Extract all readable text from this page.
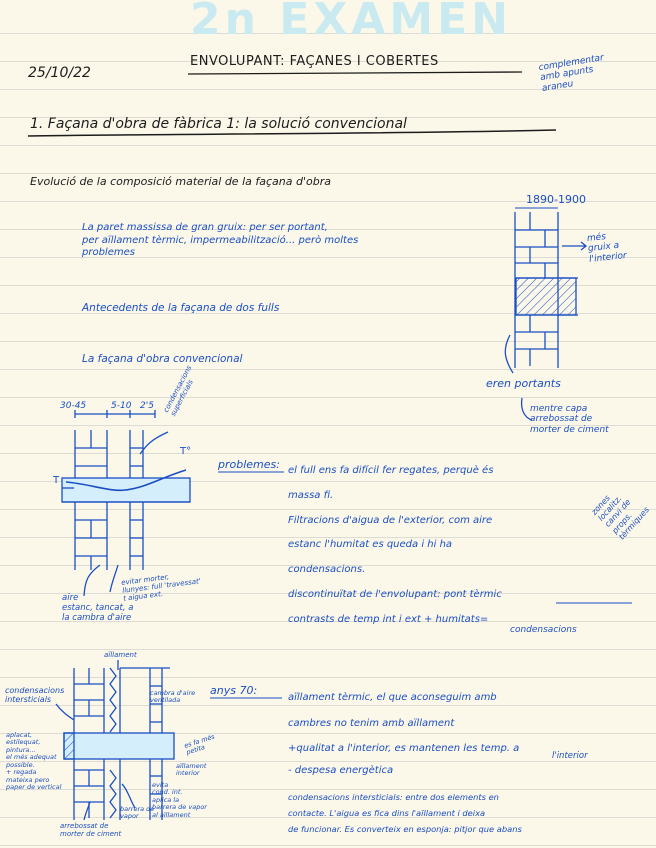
2n EXAMEN
25/10/22
ENVOLUPANT: FAÇANES I COBERTES	complementar
amb apunts
araneu
1. Façana d'obra de fàbrica 1: la solució convencional
Evolució de la composició material de la façana d'obra
La paret massissa de gran gruix: per ser portant,
per aïllament tèrmic, impermeabilització... però moltes
problemes
Antecedents de la façana de dos fulls
La façana d'obra convencional
1890-1900
més
gruix a
l'interior
eren portants
mentre capa
arrebossat de
morter de ciment
30-45	5-10 2'5 condensacions
superficials
T
T°
aire
estanc, tancat, a
la cambra d'aire
evitar morter,
llunyes: full 'travessat'
t aigua ext.
problemes: el full ens fa difícil fer regates, perquè és
massa fi.
Filtracions d'aigua de l'exterior, com aire
estanc l'humitat es queda i hi ha
condensacions.
discontinuïtat de l'envolupant: pont tèrmic
contrasts de temp int i ext + humitats=
condensacions
zones
localitz.
canvi de
props.
tèrmiques
aïllament
condensacions
intersticials
aplacat,
estilequat,
pintura...
el més adequat
possible.
+ regada
mateixa pero
paper de vertical
cambra d'aire
ventilada
es fa més
petita
aïllament
interior
evita
cond. int.
aplica la
barrera de vapor
al aïllament
arrebossat de
morter de ciment
barrera de
vapor
anys 70:
aïllament tèrmic, el que aconseguim amb
cambres no tenim amb aïllament
+qualitat a l'interior, es mantenen les temp. a
l'interior
- despesa energètica
condensacions intersticials: entre dos elements en
contacte. L'aigua es fica dins l'aïllament i deixa
de funcionar. Es converteix en esponja: pitjor que abans
